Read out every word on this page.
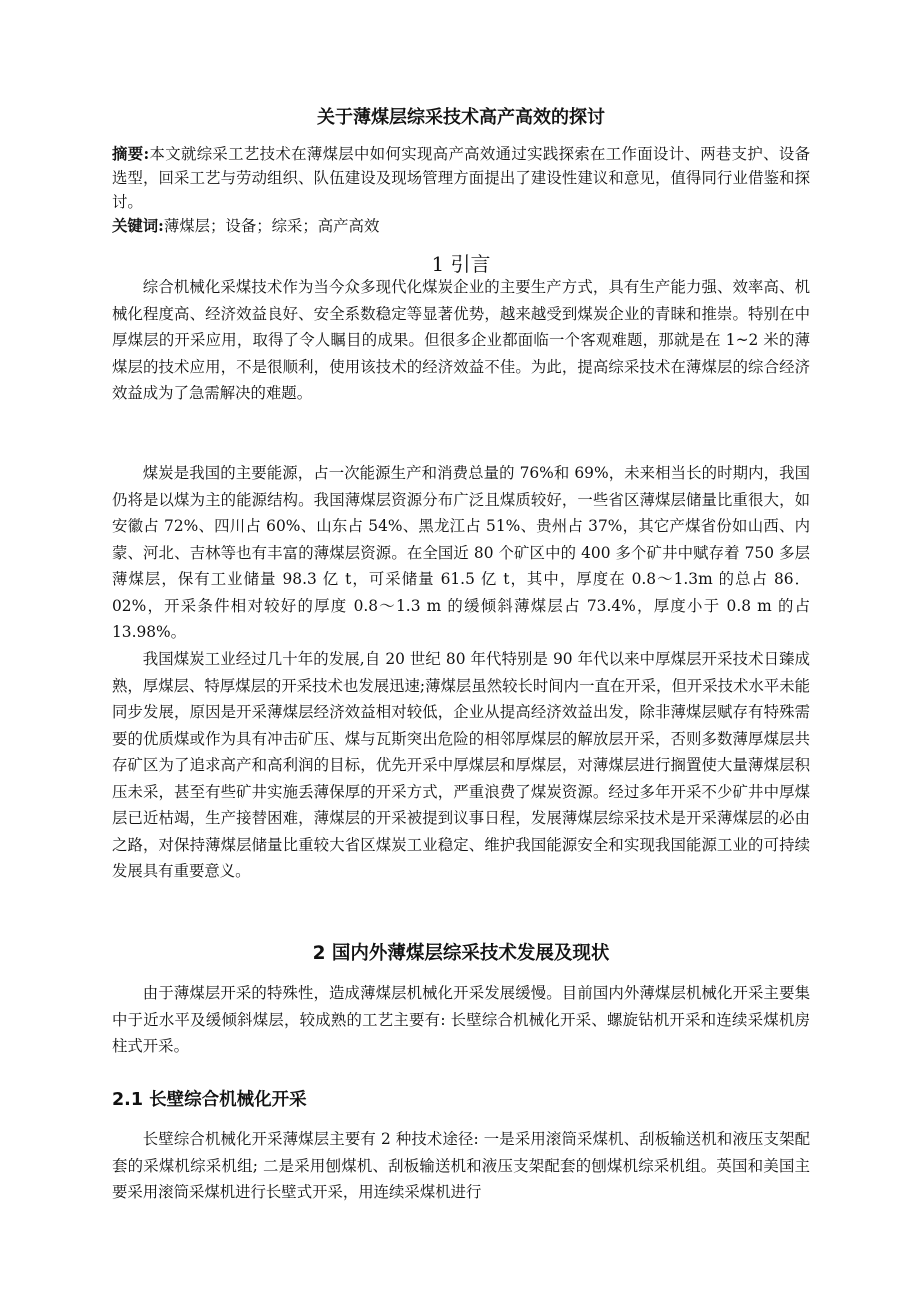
关于薄煤层综采技术高产高效的探讨
摘要:本文就综采工艺技术在薄煤层中如何实现高产高效通过实践探索在工作面设计、两巷支护、设备选型，回采工艺与劳动组织、队伍建设及现场管理方面提出了建设性建议和意见，值得同行业借鉴和探讨。
关键词:薄煤层；设备；综采；高产高效
1 引言

综合机械化采煤技术作为当今众多现代化煤炭企业的主要生产方式，具有生产能力强、效率高、机械化程度高、经济效益良好、安全系数稳定等显著优势，越来越受到煤炭企业的青睐和推崇。特别在中厚煤层的开采应用，取得了令人瞩目的成果。但很多企业都面临一个客观难题，那就是在 1~2 米的薄煤层的技术应用，不是很顺利，使用该技术的经济效益不佳。为此，提高综采技术在薄煤层的综合经济效益成为了急需解决的难题。

煤炭是我国的主要能源，占一次能源生产和消费总量的 76%和 69%，未来相当长的时期内，我国仍将是以煤为主的能源结构。我国薄煤层资源分布广泛且煤质较好，一些省区薄煤层储量比重很大，如安徽占 72%、四川占 60%、山东占 54%、黑龙江占 51%、贵州占 37%，其它产煤省份如山西、内蒙、河北、吉林等也有丰富的薄煤层资源。在全国近 80 个矿区中的 400 多个矿井中赋存着 750 多层薄煤层，保有工业储量 98.3 亿 t，可采储量 61.5 亿 t，其中，厚度在 0.8～1.3m 的总占 86．02%，开采条件相对较好的厚度 0.8～1.3 m 的缓倾斜薄煤层占 73.4%，厚度小于 0.8 m 的占 13.98%。

我国煤炭工业经过几十年的发展,自 20 世纪 80 年代特别是 90 年代以来中厚煤层开采技术日臻成熟，厚煤层、特厚煤层的开采技术也发展迅速;薄煤层虽然较长时间内一直在开采，但开采技术水平未能同步发展，原因是开采薄煤层经济效益相对较低，企业从提高经济效益出发，除非薄煤层赋存有特殊需要的优质煤或作为具有冲击矿压、煤与瓦斯突出危险的相邻厚煤层的解放层开采，否则多数薄厚煤层共存矿区为了追求高产和高利润的目标，优先开采中厚煤层和厚煤层，对薄煤层进行搁置使大量薄煤层积压未采，甚至有些矿井实施丢薄保厚的开采方式，严重浪费了煤炭资源。经过多年开采不少矿井中厚煤层已近枯竭，生产接替困难，薄煤层的开采被提到议事日程，发展薄煤层综采技术是开采薄煤层的必由之路，对保持薄煤层储量比重较大省区煤炭工业稳定、维护我国能源安全和实现我国能源工业的可持续发展具有重要意义。

2 国内外薄煤层综采技术发展及现状

由于薄煤层开采的特殊性，造成薄煤层机械化开采发展缓慢。目前国内外薄煤层机械化开采主要集中于近水平及缓倾斜煤层，较成熟的工艺主要有: 长壁综合机械化开采、螺旋钻机开采和连续采煤机房柱式开采。

2.1 长壁综合机械化开采

长壁综合机械化开采薄煤层主要有 2 种技术途径: 一是采用滚筒采煤机、刮板输送机和液压支架配套的采煤机综采机组; 二是采用刨煤机、刮板输送机和液压支架配套的刨煤机综采机组。英国和美国主要采用滚筒采煤机进行长壁式开采，用连续采煤机进行
